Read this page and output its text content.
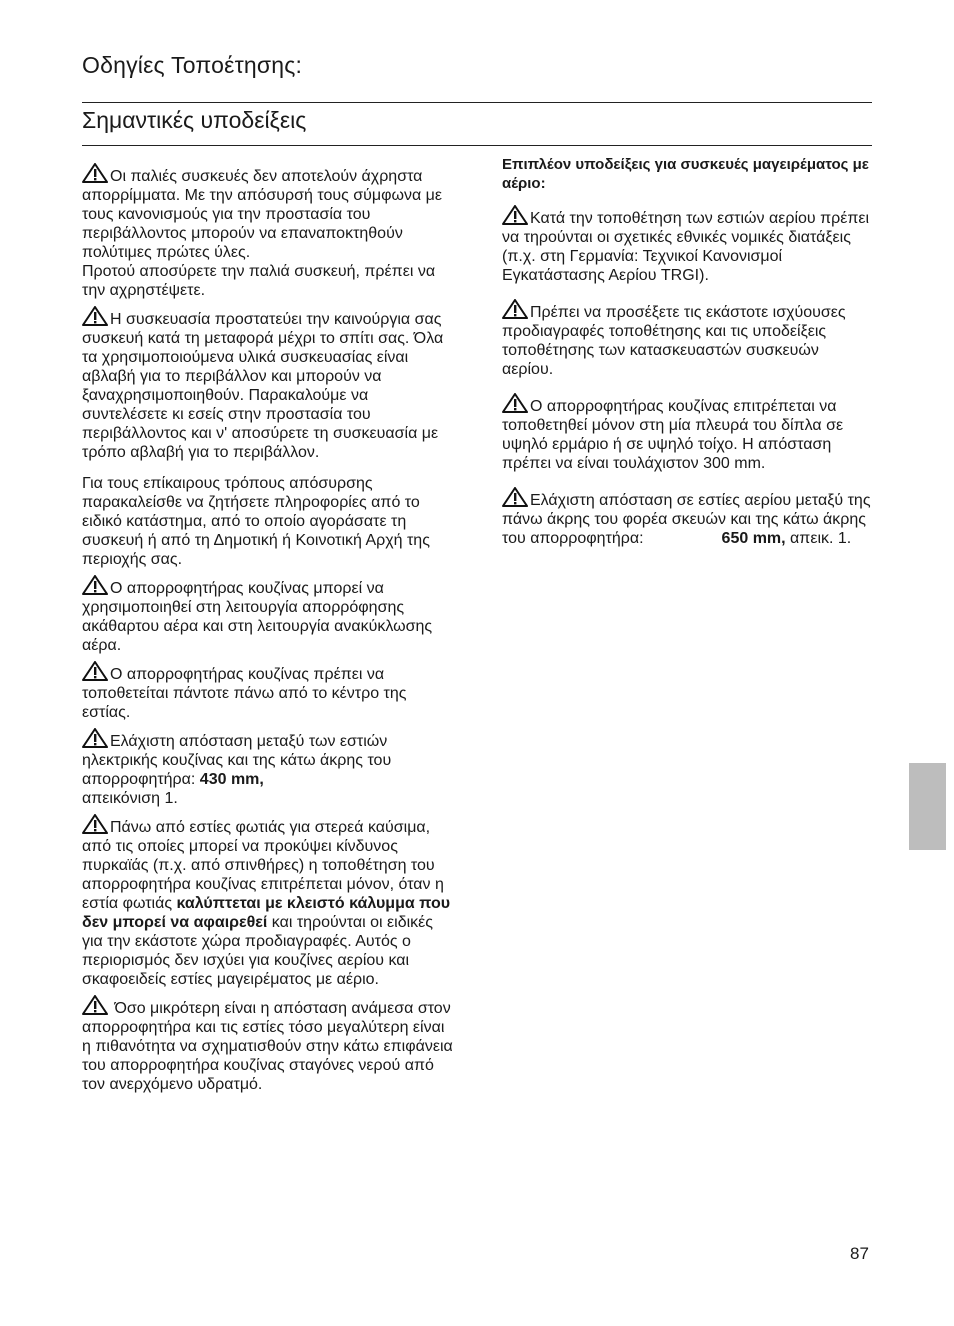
Οδηγίες Τοποέτησης:
Σημαντικές υποδείξεις

Οι παλιές συσκευές δεν αποτελούν άχρηστα απορρίμματα. Με την απόσυρσή τους σύμφωνα με τους κανονισμούς για την προστασία του περιβάλλοντος μπορούν να επαναποκτηθούν πολύτιμες πρώτες ύλες.
Προτού αποσύρετε την παλιά συσκευή, πρέπει να την αχρηστέψετε.

Η συσκευασία προστατεύει την καινούργια σας συσκευή κατά τη μεταφορά μέχρι το σπίτι σας. Όλα τα χρησιμοποιούμενα υλικά συσκευασίας είναι αβλαβή για το περιβάλλον και μπορούν να ξαναχρησιμοποιηθούν. Παρακαλούμε να συντελέσετε κι εσείς στην προστασία του περιβάλλοντος και ν' αποσύρετε τη συσκευασία με τρόπο αβλαβή για το περιβάλλον.

Για τους επίκαιρους τρόπους απόσυρσης παρακαλείσθε να ζητήσετε πληροφορίες από το ειδικό κατάστημα, από το οποίο αγοράσατε τη συσκευή ή από τη Δημοτική ή Κοινοτική Αρχή της περιοχής σας.

Ο απορροφητήρας κουζίνας μπορεί να χρησιμοποιηθεί στη λειτουργία απορρόφησης ακάθαρτου αέρα και στη λειτουργία ανακύκλωσης αέρα.

Ο απορροφητήρας κουζίνας πρέπει να τοποθετείται πάντοτε πάνω από το κέντρο της εστίας.

Ελάχιστη απόσταση μεταξύ των εστιών ηλεκτρικής κουζίνας και της κάτω άκρης του απορροφητήρα: 430 mm,
απεικόνιση 1.

Πάνω από εστίες φωτιάς για στερεά καύσιμα, από τις οποίες μπορεί να προκύψει κίνδυνος πυρκαϊάς (π.χ. από σπινθήρες) η τοποθέτηση του απορροφητήρα κουζίνας επιτρέπεται μόνον, όταν η εστία φωτιάς καλύπτεται με κλειστό κάλυμμα που δεν μπορεί να αφαιρεθεί και τηρούνται οι ειδικές για την εκάστοτε χώρα προδιαγραφές. Αυτός ο περιορισμός δεν ισχύει για κουζίνες αερίου και σκαφοειδείς εστίες μαγειρέματος με αέριο.

Όσο μικρότερη είναι η απόσταση ανάμεσα στον απορροφητήρα και τις εστίες τόσο μεγαλύτερη είναι η πιθανότητα να σχηματισθούν στην κάτω επιφάνεια του απορροφητήρα κουζίνας σταγόνες νερού από τον ανερχόμενο υδρατμό.

Επιπλέον υποδείξεις για συσκευές μαγειρέματος με αέριο:

Κατά την τοποθέτηση των εστιών αερίου πρέπει να τηρούνται οι σχετικές εθνικές νομικές διατάξεις (π.χ. στη Γερμανία: Τεχνικοί Κανονισμοί Εγκατάστασης Αερίου TRGI).

Πρέπει να προσέξετε τις εκάστοτε ισχύουσες προδιαγραφές τοποθέτησης και τις υποδείξεις τοποθέτησης των κατασκευαστών συσκευών αερίου.

Ο απορροφητήρας κουζίνας επιτρέπεται να τοποθετηθεί μόνον στη μία πλευρά του δίπλα σε υψηλό ερμάριο ή σε υψηλό τοίχο. Η απόσταση πρέπει να είναι τουλάχιστον 300 mm.

Ελάχιστη απόσταση σε εστίες αερίου μεταξύ της πάνω άκρης του φορέα σκευών και της κάτω άκρης του απορροφητήρα:	650 mm, απεικ. 1.

87
